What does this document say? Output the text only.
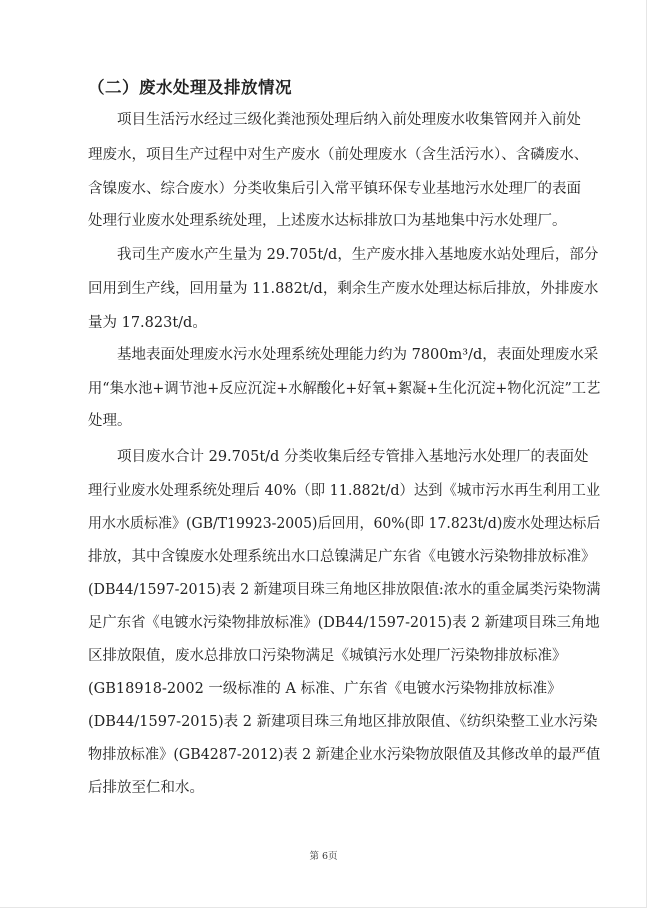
（二）废水处理及排放情况
项目生活污水经过三级化粪池预处理后纳入前处理废水收集管网并入前处
理废水，项目生产过程中对生产废水（前处理废水（含生活污水）、含磷废水、
含镍废水、综合废水）分类收集后引入常平镇环保专业基地污水处理厂的表面
处理行业废水处理系统处理，上述废水达标排放口为基地集中污水处理厂。
我司生产废水产生量为 29.705t/d，生产废水排入基地废水站处理后，部分
回用到生产线，回用量为 11.882t/d，剩余生产废水处理达标后排放，外排废水
量为 17.823t/d。
基地表面处理废水污水处理系统处理能力约为 7800m³/d，表面处理废水采
用“集水池+调节池+反应沉淀+水解酸化+好氧+絮凝+生化沉淀+物化沉淀”工艺
处理。
项目废水合计 29.705t/d 分类收集后经专管排入基地污水处理厂的表面处
理行业废水处理系统处理后 40%（即 11.882t/d）达到《城市污水再生利用工业
用水水质标准》(GB/T19923-2005)后回用，60%(即 17.823t/d)废水处理达标后
排放，其中含镍废水处理系统出水口总镍满足广东省《电镀水污染物排放标准》
(DB44/1597-2015)表 2 新建项目珠三角地区排放限值:浓水的重金属类污染物满
足广东省《电镀水污染物排放标准》(DB44/1597-2015)表 2 新建项目珠三角地
区排放限值，废水总排放口污染物满足《城镇污水处理厂污染物排放标准》
(GB18918-2002 一级标准的 A 标准、广东省《电镀水污染物排放标准》
(DB44/1597-2015)表 2 新建项目珠三角地区排放限值、《纺织染整工业水污染
物排放标准》(GB4287-2012)表 2 新建企业水污染物放限值及其修改单的最严值
后排放至仁和水。
第 6页
